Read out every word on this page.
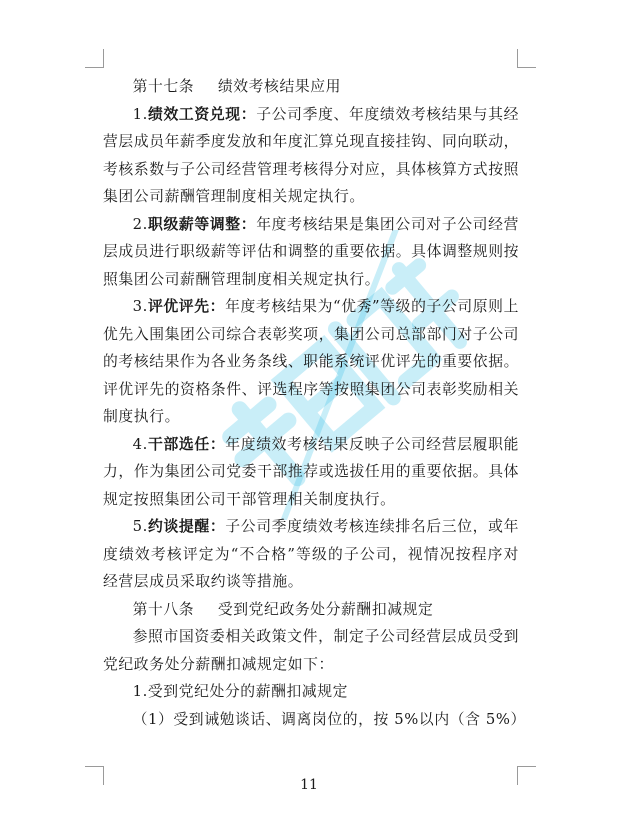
第十七条 绩效考核结果应用

1.绩效工资兑现：子公司季度、年度绩效考核结果与其经营层成员年薪季度发放和年度汇算兑现直接挂钩、同向联动，考核系数与子公司经营管理考核得分对应，具体核算方式按照集团公司薪酬管理制度相关规定执行。

2.职级薪等调整：年度考核结果是集团公司对子公司经营层成员进行职级薪等评估和调整的重要依据。具体调整规则按照集团公司薪酬管理制度相关规定执行。

3.评优评先：年度考核结果为“优秀”等级的子公司原则上优先入围集团公司综合表彰奖项，集团公司总部部门对子公司的考核结果作为各业务条线、职能系统评优评先的重要依据。评优评先的资格条件、评选程序等按照集团公司表彰奖励相关制度执行。

4.干部选任：年度绩效考核结果反映子公司经营层履职能力，作为集团公司党委干部推荐或选拔任用的重要依据。具体规定按照集团公司干部管理相关制度执行。

5.约谈提醒：子公司季度绩效考核连续排名后三位，或年度绩效考核评定为“不合格”等级的子公司，视情况按程序对经营层成员采取约谈等措施。

第十八条 受到党纪政务处分薪酬扣减规定

参照市国资委相关政策文件，制定子公司经营层成员受到党纪政务处分薪酬扣减规定如下：

1.受到党纪处分的薪酬扣减规定

（1）受到诫勉谈话、调离岗位的，按 5%以内（含 5%）

11
